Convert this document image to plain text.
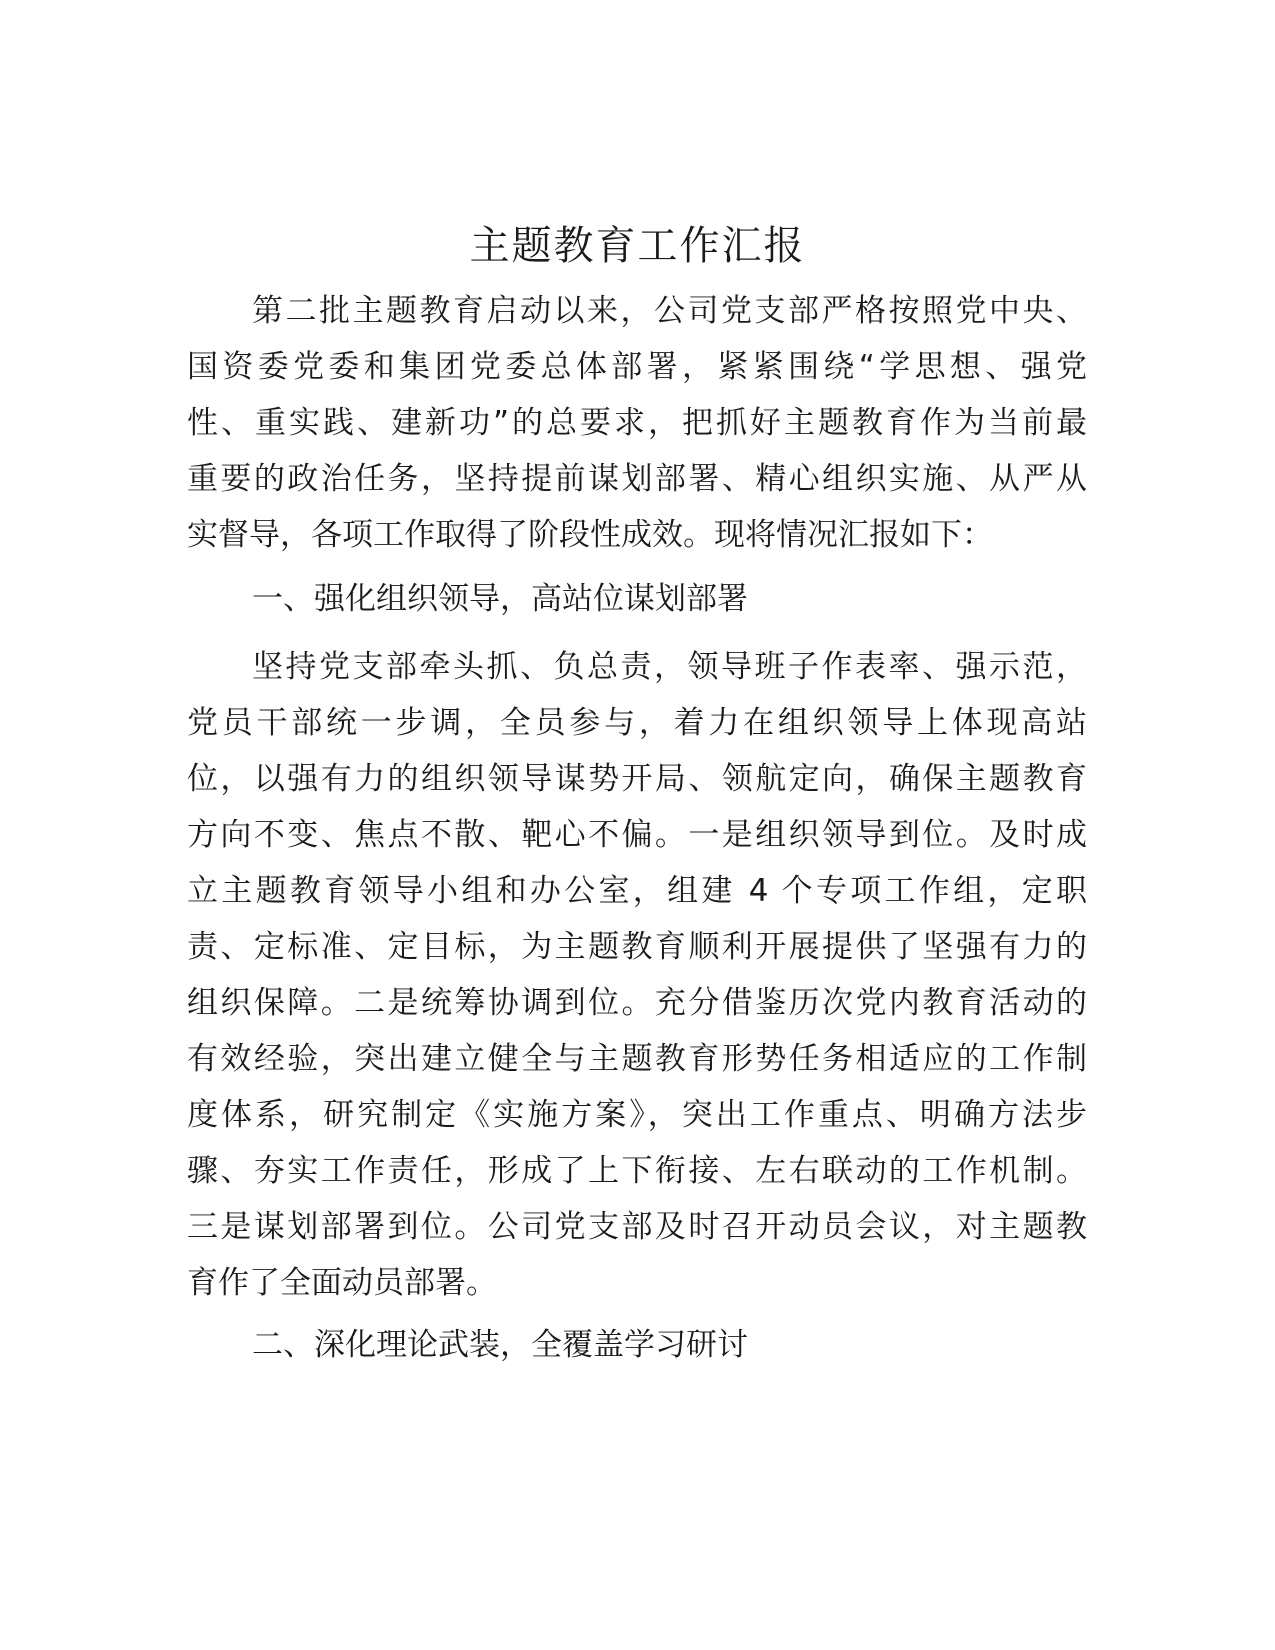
主题教育工作汇报
第二批主题教育启动以来，公司党支部严格按照党中央、
国资委党委和集团党委总体部署，紧紧围绕“学思想、强党
性、重实践、建新功”的总要求，把抓好主题教育作为当前最
重要的政治任务，坚持提前谋划部署、精心组织实施、从严从
实督导，各项工作取得了阶段性成效。现将情况汇报如下：
一、强化组织领导，高站位谋划部署
坚持党支部牵头抓、负总责，领导班子作表率、强示范，
党员干部统一步调，全员参与，着力在组织领导上体现高站
位，以强有力的组织领导谋势开局、领航定向，确保主题教育
方向不变、焦点不散、靶心不偏。一是组织领导到位。及时成
立主题教育领导小组和办公室，组建 4 个专项工作组，定职
责、定标准、定目标，为主题教育顺利开展提供了坚强有力的
组织保障。二是统筹协调到位。充分借鉴历次党内教育活动的
有效经验，突出建立健全与主题教育形势任务相适应的工作制
度体系，研究制定《实施方案》，突出工作重点、明确方法步
骤、夯实工作责任，形成了上下衔接、左右联动的工作机制。
三是谋划部署到位。公司党支部及时召开动员会议，对主题教
育作了全面动员部署。
二、深化理论武装，全覆盖学习研讨
